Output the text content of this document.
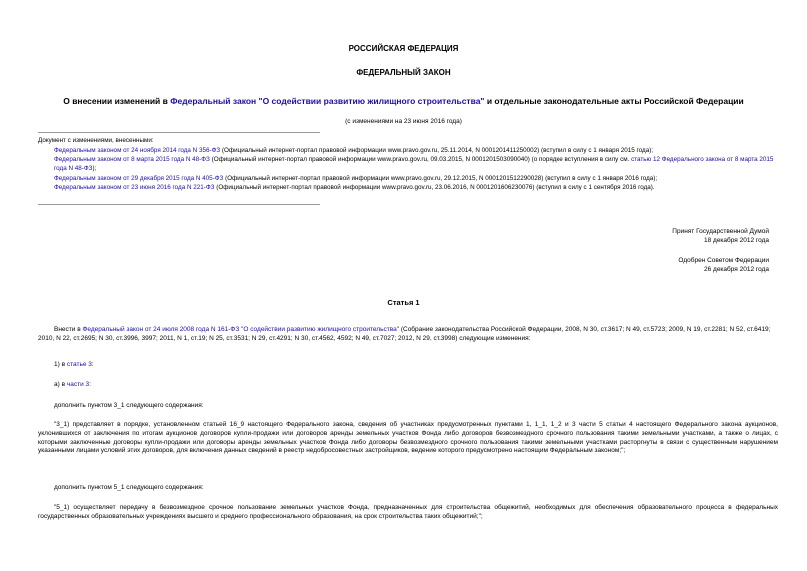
РОССИЙСКАЯ ФЕДЕРАЦИЯ
ФЕДЕРАЛЬНЫЙ ЗАКОН
О внесении изменений в Федеральный закон "О содействии развитию жилищного строительства" и отдельные законодательные акты Российской Федерации
(с изменениями на 23 июня 2016 года)
Документ с изменениями, внесенными:
Федеральным законом от 24 ноября 2014 года N 356-ФЗ (Официальный интернет-портал правовой информации www.pravo.gov.ru, 25.11.2014, N 0001201411250002) (вступил в силу с 1 января 2015 года);
Федеральным законом от 8 марта 2015 года N 48-ФЗ (Официальный интернет-портал правовой информации www.pravo.gov.ru, 09.03.2015, N 0001201503090040) (о порядке вступления в силу см. статью 12 Федерального закона от 8 марта 2015 года N 48-ФЗ);
Федеральным законом от 29 декабря 2015 года N 405-ФЗ (Официальный интернет-портал правовой информации www.pravo.gov.ru, 29.12.2015, N 0001201512290028) (вступил в силу с 1 января 2016 года);
Федеральным законом от 23 июня 2016 года N 221-ФЗ (Официальный интернет-портал правовой информации www.pravo.gov.ru, 23.06.2016, N 0001201606230076) (вступил в силу с 1 сентября 2016 года).
Принят Государственной Думой
18 декабря 2012 года
Одобрен Советом Федерации
26 декабря 2012 года
Статья 1
Внести в Федеральный закон от 24 июля 2008 года N 161-ФЗ "О содействии развитию жилищного строительства" (Собрание законодательства Российской Федерации, 2008, N 30, ст.3617; N 49, ст.5723; 2009, N 19, ст.2281; N 52, ст.6419; 2010, N 22, ст.2695; N 30, ст.3996, 3997; 2011, N 1, ст.19; N 25, ст.3531; N 29, ст.4291; N 30, ст.4562, 4592; N 49, ст.7027; 2012, N 29, ст.3998) следующие изменения:
1) в статье 3:
а) в части 3:
дополнить пунктом 3_1 следующего содержания:
"3_1) представляет в порядке, установленном статьей 16_9 настоящего Федерального закона, сведения об участниках предусмотренных пунктами 1, 1_1, 1_2 и 3 части 5 статьи 4 настоящего Федерального закона аукционов, уклонившихся от заключения по итогам аукционов договоров купли-продажи или договоров аренды земельных участков Фонда либо договоров безвозмездного срочного пользования такими земельными участками, а также о лицах, с которыми заключенные договоры купли-продажи или договоры аренды земельных участков Фонда либо договоры безвозмездного срочного пользования такими земельными участками расторгнуты в связи с существенным нарушением указанными лицами условий этих договоров, для включения данных сведений в реестр недобросовестных застройщиков, ведение которого предусмотрено настоящим Федеральным законом;";
дополнить пунктом 5_1 следующего содержания:
"5_1) осуществляет передачу в безвозмездное срочное пользование земельных участков Фонда, предназначенных для строительства общежитий, необходимых для обеспечения образовательного процесса в федеральных государственных образовательных учреждениях высшего и среднего профессионального образования, на срок строительства таких общежитий;";
